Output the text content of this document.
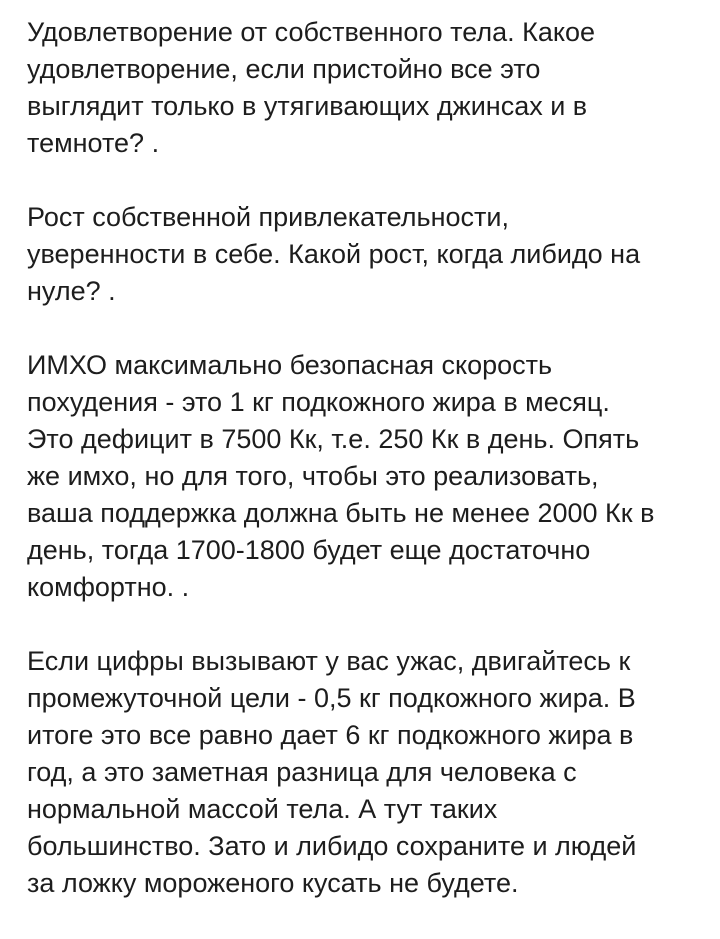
Удовлетворение от собственного тела. Какое
удовлетворение, если пристойно все это
выглядит только в утягивающих джинсах и в
темноте? .

Рост собственной привлекательности,
уверенности в себе. Какой рост, когда либидо на
нуле? .

ИМХО максимально безопасная скорость
похудения - это 1 кг подкожного жира в месяц.
Это дефицит в 7500 Кк, т.е. 250 Кк в день. Опять
же имхо, но для того, чтобы это реализовать,
ваша поддержка должна быть не менее 2000 Кк в
день, тогда 1700-1800 будет еще достаточно
комфортно. .

Если цифры вызывают у вас ужас, двигайтесь к
промежуточной цели - 0,5 кг подкожного жира. В
итоге это все равно дает 6 кг подкожного жира в
год, а это заметная разница для человека с
нормальной массой тела. А тут таких
большинство. Зато и либидо сохраните и людей
за ложку мороженого кусать не будете.
